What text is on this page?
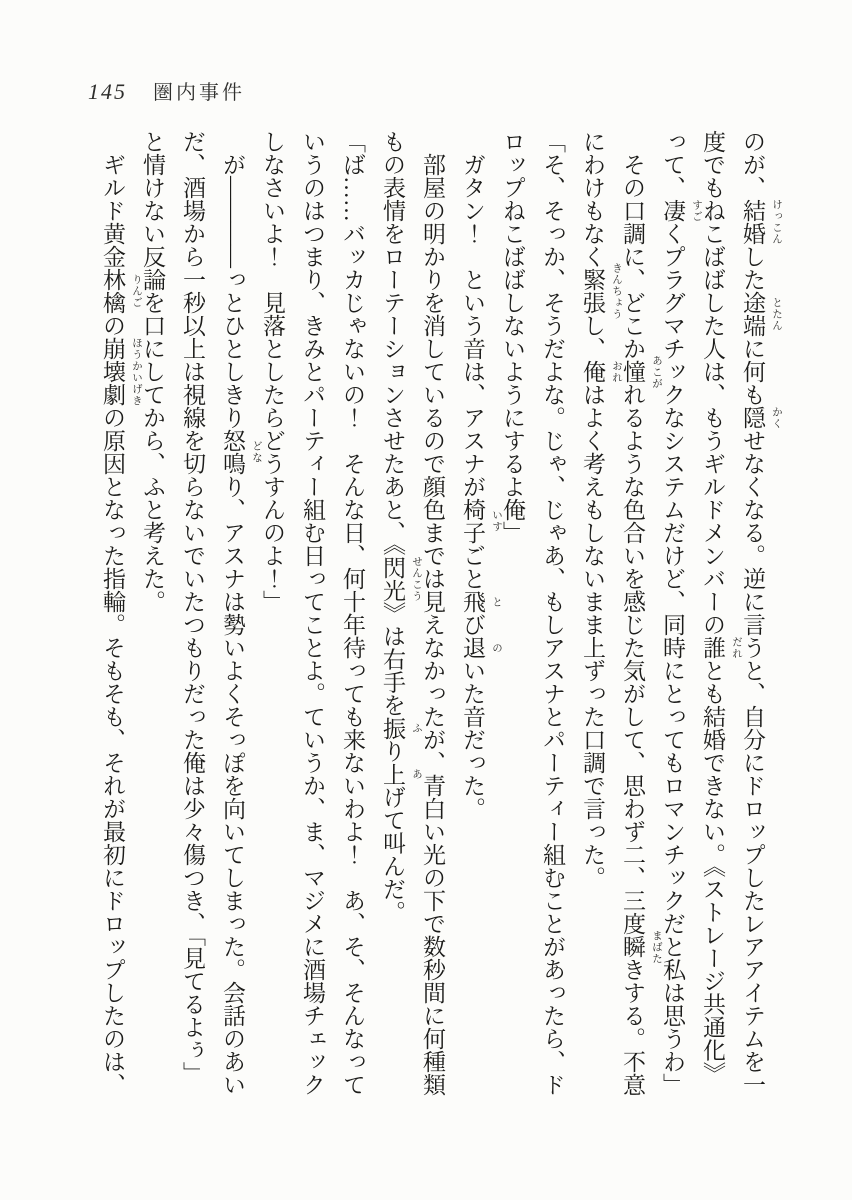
145 圏内事件

のが、
けっこん
結婚した
とたん
途端に何も
かく
隠せなくなる。逆に言うと、自分にドロップしたレアアイテムを一度でもねこばばした人は、もうギルドメンバーの
だれ
誰とも結婚できない。《ストレージ共通化》って、
すご
凄くプラグマチックなシステムだけど、同時にとってもロマンチックだと私は思うわ」

その口調に、どこか
あこが
憧れるような色合いを感じた気がして、思わず二、三度
まばた
瞬きする。不意にわけもなく
きんちょう
緊張し、
おれ
俺はよく考えもしないまま上ずった口調で言った。

「そ、そっか、そうだよな。じゃ、じゃあ、もしアスナとパーティー組むことがあったら、ドロップねこばばしないようにするよ俺」

ガタン！　という音は、アスナが
いす
椅子ごと
と
飛び
の
退いた音だった。

部屋の明かりを消しているので顔色までは見えなかったが、青白い光の下で数秒間に何種類もの表情をローテーションさせたあと、《
せんこう
閃光》は右手を
ふ
振り
あ
上げて叫んだ。

「ば……バッカじゃないの！　そんな日、何十年待っても来ないわよ！　あ、そ、そんなっていうのはつまり、きみとパーティー組む日ってことよ。ていうか、ま、マジメに酒場チェックしなさいよ！　見落としたらどうすんのよ！」

が――――っとひとしきり
どな
怒鳴り、アスナは勢いよくそっぽを向いてしまった。会話のあいだ、酒場から一秒以上は視線を切らないでいたつもりだった俺は少々傷つき、「見てるよぅ」と情けない反論を口にしてから、ふと考えた。

ギルド黄金
りんご
林檎の
ほうかいげき
崩壊劇の原因となった指輪。そもそも、それが最初にドロップしたのは、
